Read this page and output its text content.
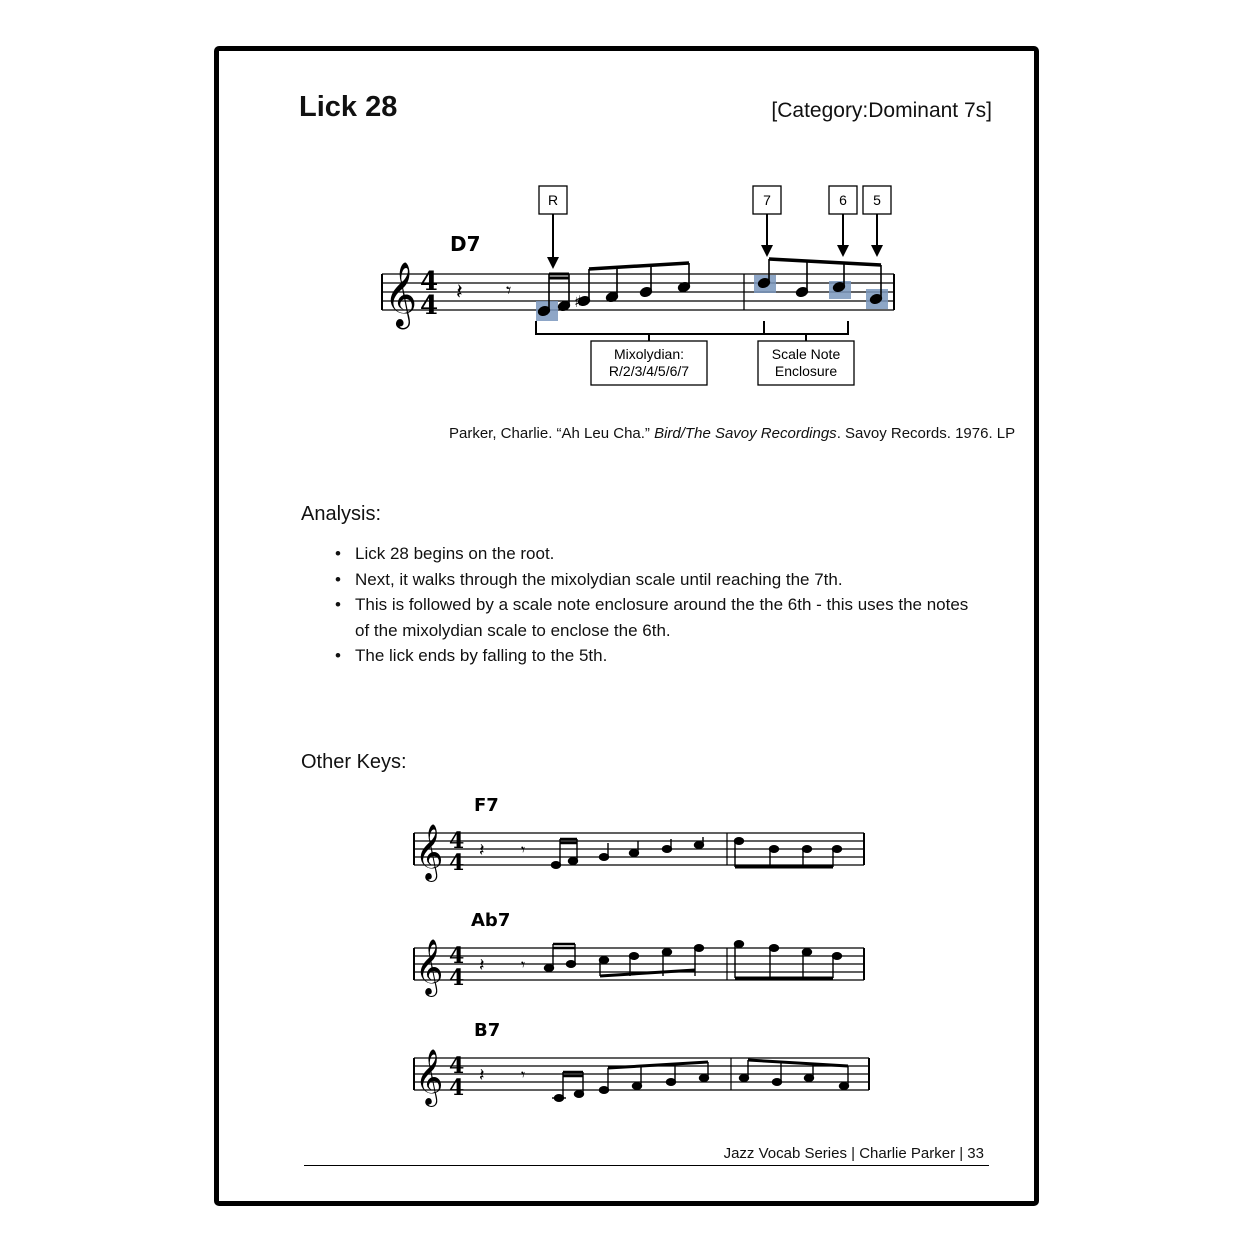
Lick 28	[Category:Dominant 7s]
D7
𝄞 4
4 𝄽 𝄾	♯
R	7	6 5
Mixolydian:
R/2/3/4/5/6/7
Scale Note
Enclosure
Parker, Charlie. “Ah Leu Cha.” Bird/The Savoy Recordings. Savoy Records. 1976. LP
Analysis:
• Lick 28 begins on the root.
• Next, it walks through the mixolydian scale until reaching the 7th.
• This is followed by a scale note enclosure around the the 6th - this uses the notes of the mixolydian scale to enclose the 6th.
• The lick ends by falling to the 5th.
Other Keys:
F7
𝄞 4
4 𝄽 𝄾
Ab7
𝄞 4
4 𝄽 𝄾
B7
𝄞 4
4 𝄽 𝄾
Jazz Vocab Series | Charlie Parker | 33
